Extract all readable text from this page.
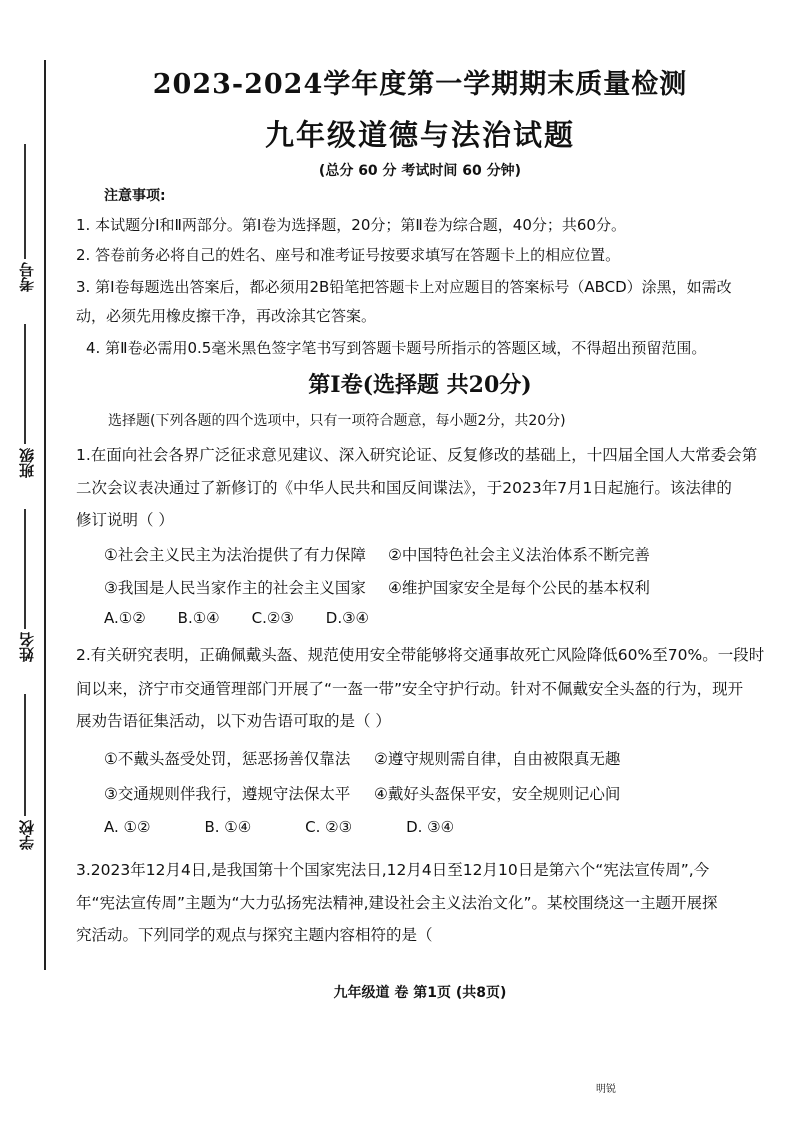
考号
班级
姓名
学校
2023-2024学年度第一学期期末质量检测
九年级道德与法治试题
(总分 60 分 考试时间 60 分钟)
注意事项:
1. 本试题分Ⅰ和Ⅱ两部分。第Ⅰ卷为选择题，20分；第Ⅱ卷为综合题，40分；共60分。
2. 答卷前务必将自己的姓名、座号和准考证号按要求填写在答题卡上的相应位置。
3. 第Ⅰ卷每题选出答案后，都必须用2B铅笔把答题卡上对应题目的答案标号（ABCD）涂黑，如需改
动，必须先用橡皮擦干净，再改涂其它答案。
4. 第Ⅱ卷必需用0.5毫米黑色签字笔书写到答题卡题号所指示的答题区域，不得超出预留范围。
第Ⅰ卷(选择题 共20分)
选择题(下列各题的四个选项中，只有一项符合题意，每小题2分，共20分)
1.在面向社会各界广泛征求意见建议、深入研究论证、反复修改的基础上，十四届全国人大常委会第
二次会议表决通过了新修订的《中华人民共和国反间谍法》，于2023年7月1日起施行。该法律的
修订说明（ ）
①社会主义民主为法治提供了有力保障 ②中国特色社会主义法治体系不断完善
③我国是人民当家作主的社会主义国家 ④维护国家安全是每个公民的基本权利
A.①② B.①④ C.②③ D.③④
2.有关研究表明，正确佩戴头盔、规范使用安全带能够将交通事故死亡风险降低60%至70%。一段时
间以来，济宁市交通管理部门开展了“一盔一带”安全守护行动。针对不佩戴安全头盔的行为，现开
展劝告语征集活动，以下劝告语可取的是（ ）
①不戴头盔受处罚，惩恶扬善仅靠法 ②遵守规则需自律，自由被限真无趣
③交通规则伴我行，遵规守法保太平 ④戴好头盔保平安，安全规则记心间
A. ①②	B. ①④	C. ②③	D. ③④
3.2023年12月4日,是我国第十个国家宪法日,12月4日至12月10日是第六个“宪法宣传周”,今
年“宪法宣传周”主题为“大力弘扬宪法精神,建设社会主义法治文化”。某校围绕这一主题开展探
究活动。下列同学的观点与探究主题内容相符的是（
九年级道 卷 第1页 (共8页)
明锐
